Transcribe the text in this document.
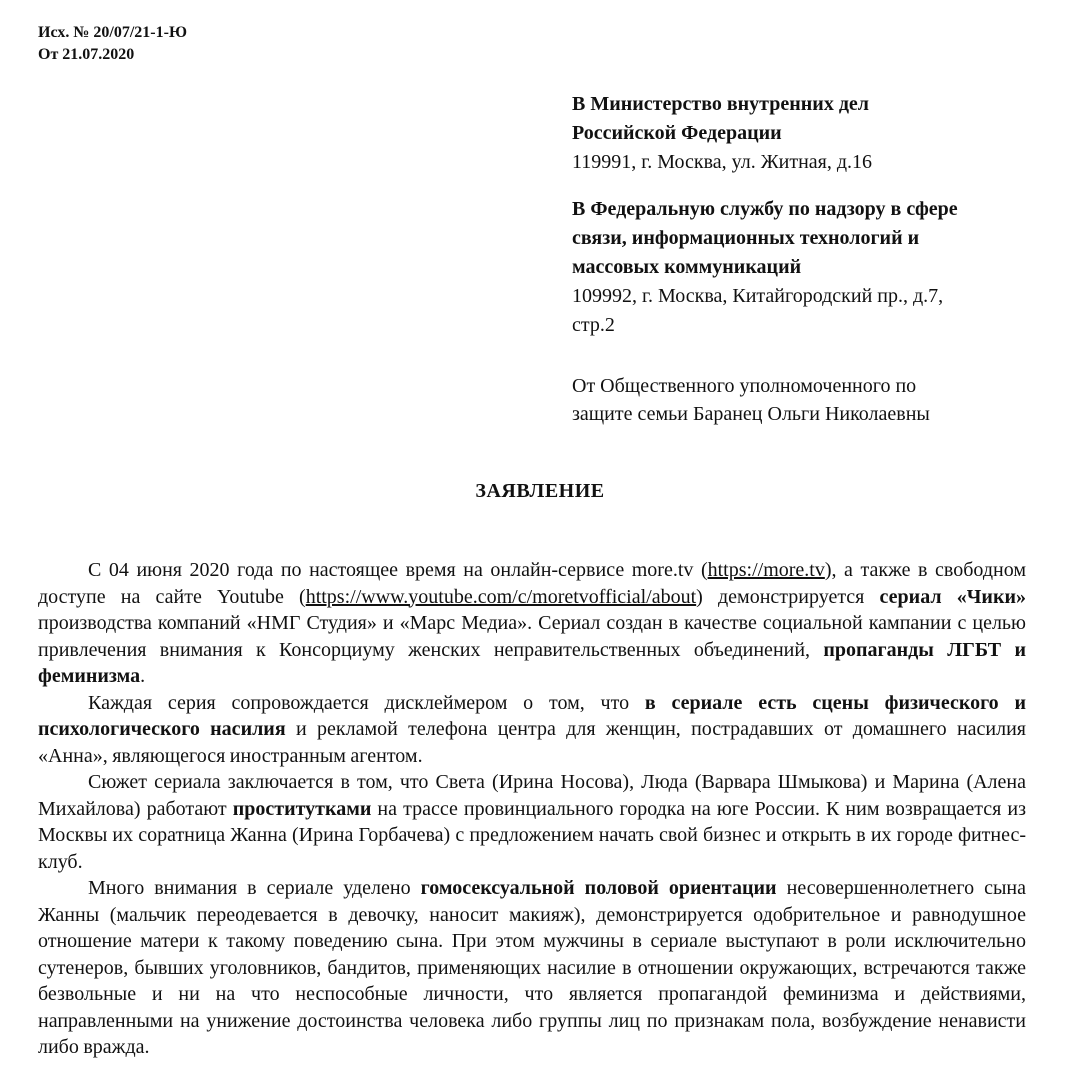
Исх. № 20/07/21-1-Ю
От 21.07.2020
В Министерство внутренних дел
Российской Федерации
119991, г. Москва, ул. Житная, д.16
В Федеральную службу по надзору в сфере
связи, информационных технологий и
массовых коммуникаций
109992, г. Москва, Китайгородский пр., д.7,
стр.2
От Общественного уполномоченного по
защите семьи Баранец Ольги Николаевны
ЗАЯВЛЕНИЕ

С 04 июня 2020 года по настоящее время на онлайн-сервисе more.tv (https://more.tv), а также в свободном доступе на сайте Youtube (https://www.youtube.com/c/moretvofficial/about) демонстрируется сериал «Чики» производства компаний «НМГ Студия» и «Марс Медиа». Сериал создан в качестве социальной кампании с целью привлечения внимания к Консорциуму женских неправительственных объединений, пропаганды ЛГБТ и феминизма.

Каждая серия сопровождается дисклеймером о том, что в сериале есть сцены физического и психологического насилия и рекламой телефона центра для женщин, пострадавших от домашнего насилия «Анна», являющегося иностранным агентом.

Сюжет сериала заключается в том, что Света (Ирина Носова), Люда (Варвара Шмыкова) и Марина (Алена Михайлова) работают проститутками на трассе провинциального городка на юге России. К ним возвращается из Москвы их соратница Жанна (Ирина Горбачева) с предложением начать свой бизнес и открыть в их городе фитнес-клуб.

Много внимания в сериале уделено гомосексуальной половой ориентации несовершеннолетнего сына Жанны (мальчик переодевается в девочку, наносит макияж), демонстрируется одобрительное и равнодушное отношение матери к такому поведению сына. При этом мужчины в сериале выступают в роли исключительно сутенеров, бывших уголовников, бандитов, применяющих насилие в отношении окружающих, встречаются также безвольные и ни на что неспособные личности, что является пропагандой феминизма и действиями, направленными на унижение достоинства человека либо группы лиц по признакам пола, возбуждение ненависти либо вражда.
